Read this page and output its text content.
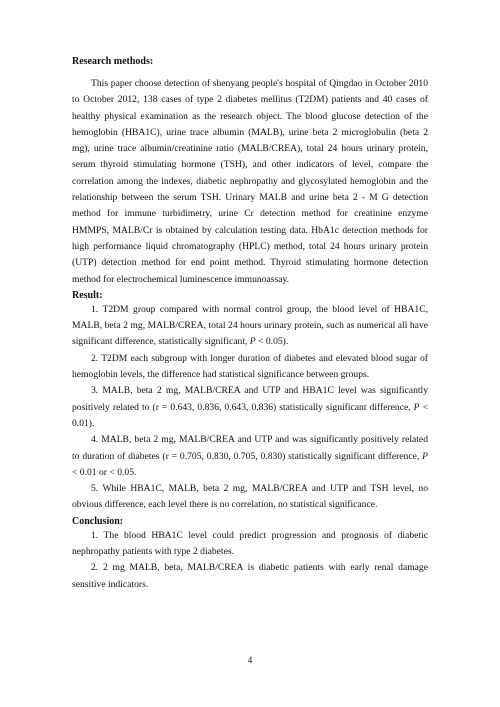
Research methods:

This paper choose detection of shenyang people's hospital of Qingdao in October 2010 to October 2012, 138 cases of type 2 diabetes mellitus (T2DM) patients and 40 cases of healthy physical examination as the research object. The blood glucose detection of the hemoglobin (HBA1C), urine trace albumin (MALB), urine beta 2 microglobulin (beta 2 mg), urine trace albumin/creatinine ratio (MALB/CREA), total 24 hours urinary protein, serum thyroid stimulating hormone (TSH), and other indicators of level, compare the correlation among the indexes, diabetic nephropathy and glycosylated hemoglobin and the relationship between the serum TSH. Urinary MALB and urine beta 2 - M G detection method for immune turbidimetry, urine Cr detection method for creatinine enzyme HMMPS, MALB/Cr is obtained by calculation testing data. HbA1c detection methods for high performance liquid chromatography (HPLC) method, total 24 hours urinary protein (UTP) detection method for end point method. Thyroid stimulating hormone detection method for electrochemical luminescence immunoassay.

Result:

1. T2DM group compared with normal control group, the blood level of HBA1C, MALB, beta 2 mg, MALB/CREA, total 24 hours urinary protein, such as numerical all have significant difference, statistically significant, P < 0.05).

2. T2DM each subgroup with longer duration of diabetes and elevated blood sugar of hemoglobin levels, the difference had statistical significance between groups.

3. MALB, beta 2 mg, MALB/CREA and UTP and HBA1C level was significantly positively related to (r = 0.643, 0.836, 0.643, 0.836) statistically significant difference, P < 0.01).

4. MALB, beta 2 mg, MALB/CREA and UTP and was significantly positively related to duration of diabetes (r = 0.705, 0.830, 0.705, 0.830) statistically significant difference, P < 0.01 or < 0.05.

5. While HBA1C, MALB, beta 2 mg, MALB/CREA and UTP and TSH level, no obvious difference, each level there is no correlation, no statistical significance.

Conclusion:

1. The blood HBA1C level could predict progression and prognosis of diabetic nephropathy patients with type 2 diabetes.

2. 2 mg MALB, beta, MALB/CREA is diabetic patients with early renal damage sensitive indicators.

4
